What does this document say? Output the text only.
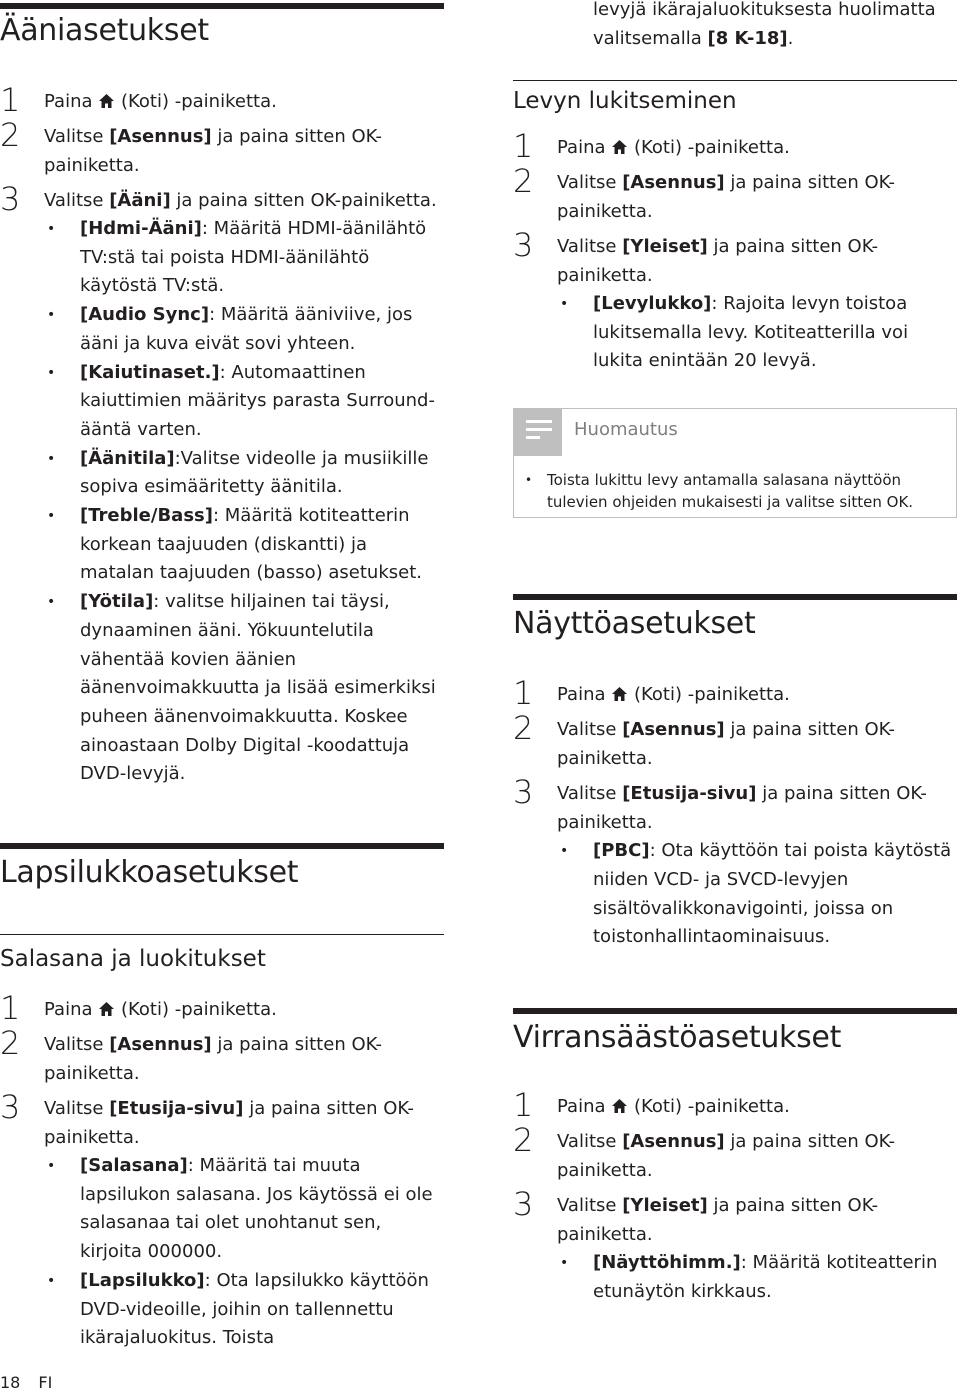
Ääniasetukset

1 Paina (Koti) -painiketta.

2 Valitse [Asennus] ja paina sitten OK-painiketta.

3 Valitse [Ääni] ja paina sitten OK-painiketta.

• [Hdmi-Ääni]: Määritä HDMI-äänilähtö TV:stä tai poista HDMI-äänilähtö käytöstä TV:stä.
• [Audio Sync]: Määritä ääniviive, jos ääni ja kuva eivät sovi yhteen.
• [Kaiutinaset.]: Automaattinen kaiuttimien määritys parasta Surround-ääntä varten.
• [Äänitila]:Valitse videolle ja musiikille sopiva esimääritetty äänitila.
• [Treble/Bass]: Määritä kotiteatterin korkean taajuuden (diskantti) ja matalan taajuuden (basso) asetukset.
• [Yötila]: valitse hiljainen tai täysi, dynaaminen ääni. Yökuuntelutila vähentää kovien äänien äänenvoimakkuutta ja lisää esimerkiksi puheen äänenvoimakkuutta. Koskee ainoastaan Dolby Digital -koodattuja DVD-levyjä.
Lapsilukkoasetukset
Salasana ja luokitukset

1 Paina (Koti) -painiketta.

2 Valitse [Asennus] ja paina sitten OK-painiketta.

3 Valitse [Etusija-sivu] ja paina sitten OK-painiketta.

• [Salasana]: Määritä tai muuta lapsilukon salasana. Jos käytössä ei ole salasanaa tai olet unohtanut sen, kirjoita 000000.
• [Lapsilukko]: Ota lapsilukko käyttöön DVD-videoille, joihin on tallennettu ikärajaluokitus. Toista

levyjä ikärajaluokituksesta huolimatta valitsemalla [8 K-18].

Levyn lukitseminen

1 Paina (Koti) -painiketta.

2 Valitse [Asennus] ja paina sitten OK-painiketta.

3 Valitse [Yleiset] ja paina sitten OK-painiketta.

• [Levylukko]: Rajoita levyn toistoa lukitsemalla levy. Kotiteatterilla voi lukita enintään 20 levyä.
Huomautus
• Toista lukittu levy antamalla salasana näyttöön tulevien ohjeiden mukaisesti ja valitse sitten OK.
Näyttöasetukset

1 Paina (Koti) -painiketta.

2 Valitse [Asennus] ja paina sitten OK-painiketta.

3 Valitse [Etusija-sivu] ja paina sitten OK-painiketta.

• [PBC]: Ota käyttöön tai poista käytöstä niiden VCD- ja SVCD-levyjen sisältövalikkonavigointi, joissa on toistonhallintaominaisuus.
Virransäästöasetukset

1 Paina (Koti) -painiketta.

2 Valitse [Asennus] ja paina sitten OK-painiketta.

3 Valitse [Yleiset] ja paina sitten OK-painiketta.

• [Näyttöhimm.]: Määritä kotiteatterin etunäytön kirkkaus.
18 FI
